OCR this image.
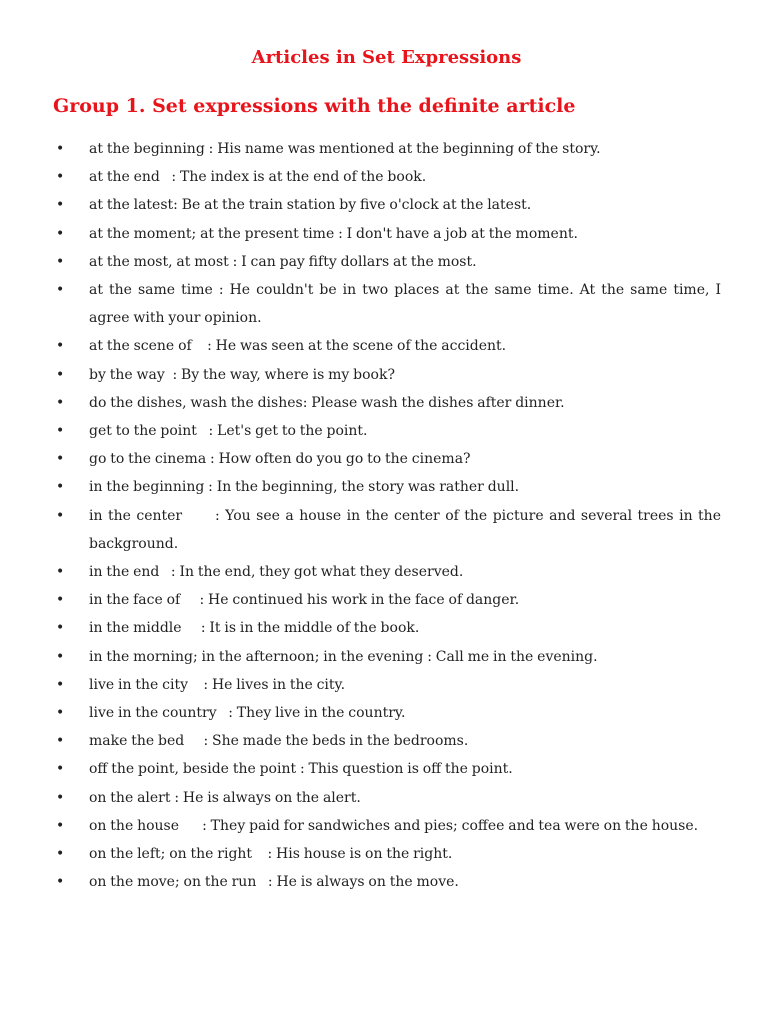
Articles in Set Expressions
Group 1. Set expressions with the definite article
• at the beginning : His name was mentioned at the beginning of the story.
• at the end   : The index is at the end of the book.
• at the latest: Be at the train station by five o'clock at the latest.
• at the moment; at the present time : I don't have a job at the moment.
• at the most, at most : I can pay fifty dollars at the most.
• at the same time : He couldn't be in two places at the same time. At the same time, I agree with your opinion.
• at the scene of    : He was seen at the scene of the accident.
• by the way  : By the way, where is my book?
• do the dishes, wash the dishes: Please wash the dishes after dinner.
• get to the point   : Let's get to the point.
• go to the cinema : How often do you go to the cinema?
• in the beginning : In the beginning, the story was rather dull.
• in the center      : You see a house in the center of the picture and several trees in the background.
• in the end   : In the end, they got what they deserved.
• in the face of     : He continued his work in the face of danger.
• in the middle     : It is in the middle of the book.
• in the morning; in the afternoon; in the evening : Call me in the evening.
• live in the city    : He lives in the city.
• live in the country   : They live in the country.
• make the bed     : She made the beds in the bedrooms.
• off the point, beside the point : This question is off the point.
• on the alert : He is always on the alert.
• on the house      : They paid for sandwiches and pies; coffee and tea were on the house.
• on the left; on the right    : His house is on the right.
• on the move; on the run   : He is always on the move.
